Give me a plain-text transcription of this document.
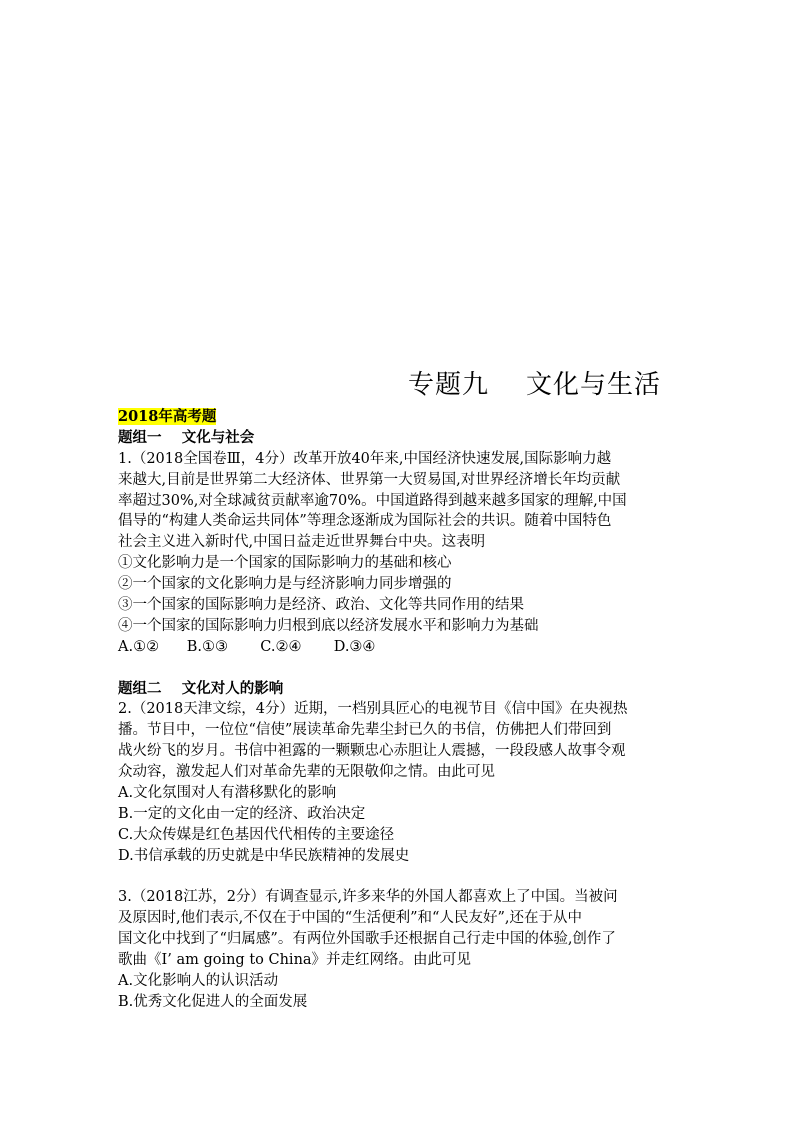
专题九    文化与生活
2018年高考题
题组一    文化与社会
1.（2018全国卷Ⅲ，4分）改革开放40年来,中国经济快速发展,国际影响力越
来越大,目前是世界第二大经济体、世界第一大贸易国,对世界经济增长年均贡献
率超过30%,对全球减贫贡献率逾70%。中国道路得到越来越多国家的理解,中国
倡导的“构建人类命运共同体”等理念逐渐成为国际社会的共识。随着中国特色
社会主义进入新时代,中国日益走近世界舞台中央。这表明
①文化影响力是一个国家的国际影响力的基础和核心
②一个国家的文化影响力是与经济影响力同步增强的
③一个国家的国际影响力是经济、政治、文化等共同作用的结果
④一个国家的国际影响力归根到底以经济发展水平和影响力为基础
A.①②      B.①③       C.②④       D.③④
题组二    文化对人的影响
2.（2018天津文综，4分）近期，一档别具匠心的电视节目《信中国》在央视热
播。节目中，一位位“信使”展读革命先辈尘封已久的书信，仿佛把人们带回到
战火纷飞的岁月。书信中袒露的一颗颗忠心赤胆让人震撼，一段段感人故事令观
众动容，激发起人们对革命先辈的无限敬仰之情。由此可见
A.文化氛围对人有潜移默化的影响
B.一定的文化由一定的经济、政治决定
C.大众传媒是红色基因代代相传的主要途径
D.书信承载的历史就是中华民族精神的发展史
3.（2018江苏，2分）有调查显示,许多来华的外国人都喜欢上了中国。当被问
及原因时,他们表示,不仅在于中国的“生活便利”和“人民友好”,还在于从中
国文化中找到了“归属感”。有两位外国歌手还根据自己行走中国的体验,创作了
歌曲《I’ am going to China》并走红网络。由此可见
A.文化影响人的认识活动
B.优秀文化促进人的全面发展
